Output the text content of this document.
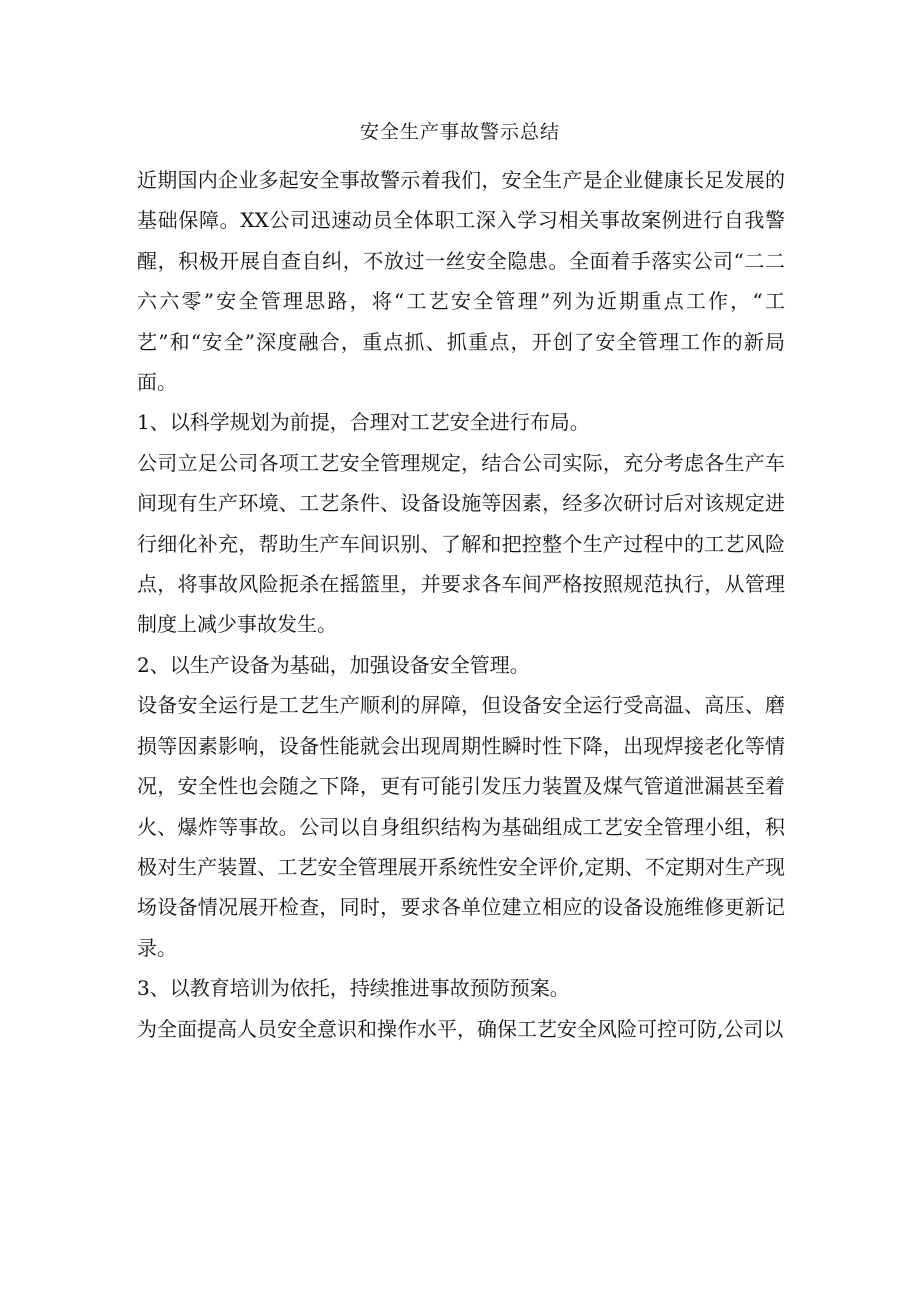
安全生产事故警示总结

近期国内企业多起安全事故警示着我们，安全生产是企业健康长足发展的基础保障。XX公司迅速动员全体职工深入学习相关事故案例进行自我警醒，积极开展自查自纠，不放过一丝安全隐患。全面着手落实公司“二二六六零”安全管理思路，将“工艺安全管理”列为近期重点工作，“工艺”和“安全”深度融合，重点抓、抓重点，开创了安全管理工作的新局面。

1、以科学规划为前提，合理对工艺安全进行布局。

公司立足公司各项工艺安全管理规定，结合公司实际，充分考虑各生产车间现有生产环境、工艺条件、设备设施等因素，经多次研讨后对该规定进行细化补充，帮助生产车间识别、了解和把控整个生产过程中的工艺风险点，将事故风险扼杀在摇篮里，并要求各车间严格按照规范执行，从管理制度上减少事故发生。

2、以生产设备为基础，加强设备安全管理。

设备安全运行是工艺生产顺利的屏障，但设备安全运行受高温、高压、磨损等因素影响，设备性能就会出现周期性瞬时性下降，出现焊接老化等情况，安全性也会随之下降，更有可能引发压力装置及煤气管道泄漏甚至着火、爆炸等事故。公司以自身组织结构为基础组成工艺安全管理小组，积极对生产装置、工艺安全管理展开系统性安全评价,定期、不定期对生产现场设备情况展开检查，同时，要求各单位建立相应的设备设施维修更新记录。

3、以教育培训为依托，持续推进事故预防预案。

为全面提高人员安全意识和操作水平，确保工艺安全风险可控可防,公司以
